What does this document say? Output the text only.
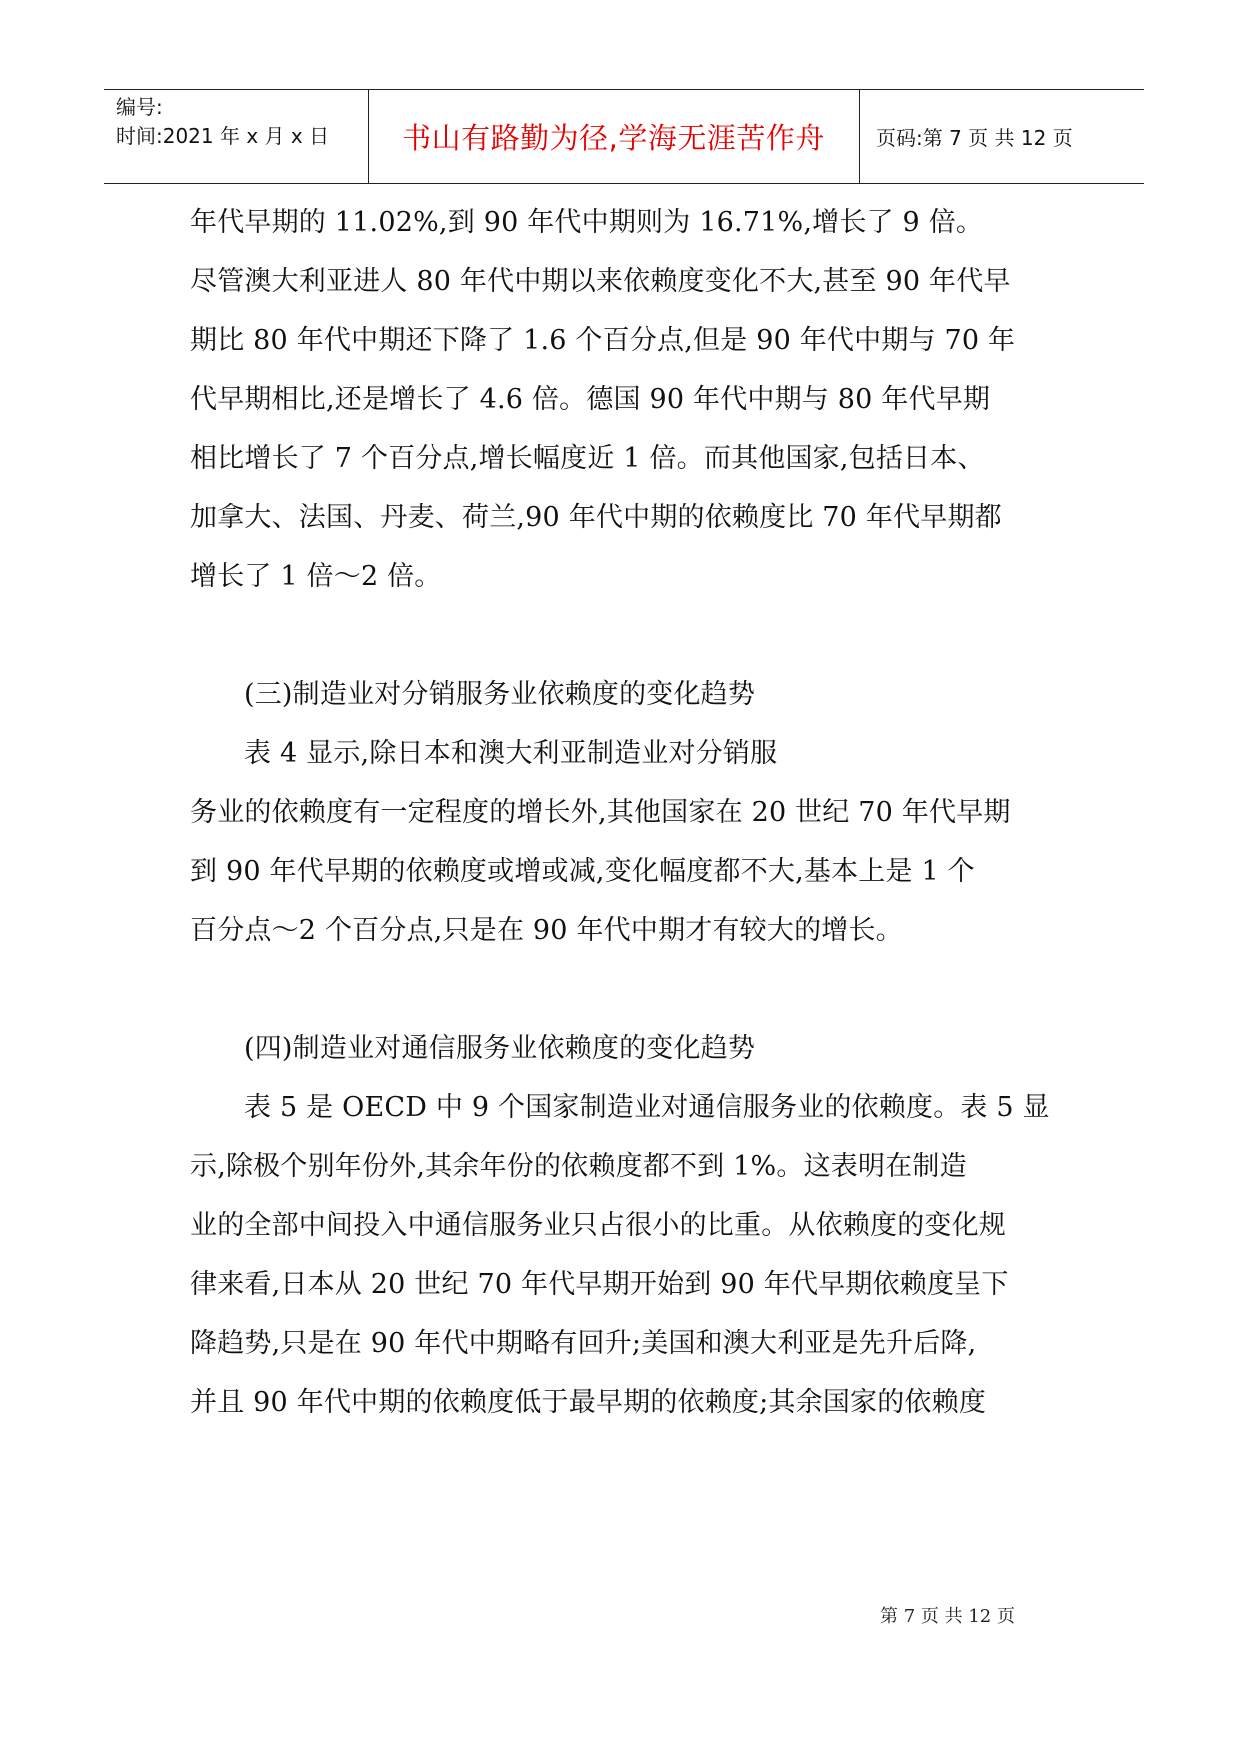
编号:
时间:2021 年 x 月 x 日	书山有路勤为径,学海无涯苦作舟	页码:第 7 页 共 12 页
年代早期的 11.02%,到 90 年代中期则为 16.71%,增长了 9 倍。
尽管澳大利亚进人 80 年代中期以来依赖度变化不大,甚至 90 年代早
期比 80 年代中期还下降了 1.6 个百分点,但是 90 年代中期与 70 年
代早期相比,还是增长了 4.6 倍。德国 90 年代中期与 80 年代早期
相比增长了 7 个百分点,增长幅度近 1 倍。而其他国家,包括日本、
加拿大、法国、丹麦、荷兰,90 年代中期的依赖度比 70 年代早期都
增长了 1 倍～2 倍。
(三)制造业对分销服务业依赖度的变化趋势
表 4 显示,除日本和澳大利亚制造业对分销服
务业的依赖度有一定程度的增长外,其他国家在 20 世纪 70 年代早期
到 90 年代早期的依赖度或增或减,变化幅度都不大,基本上是 1 个
百分点～2 个百分点,只是在 90 年代中期才有较大的增长。
(四)制造业对通信服务业依赖度的变化趋势
表 5 是 OECD 中 9 个国家制造业对通信服务业的依赖度。表 5 显
示,除极个别年份外,其余年份的依赖度都不到 1%。这表明在制造
业的全部中间投入中通信服务业只占很小的比重。从依赖度的变化规
律来看,日本从 20 世纪 70 年代早期开始到 90 年代早期依赖度呈下
降趋势,只是在 90 年代中期略有回升;美国和澳大利亚是先升后降,
并且 90 年代中期的依赖度低于最早期的依赖度;其余国家的依赖度
第 7 页 共 12 页
